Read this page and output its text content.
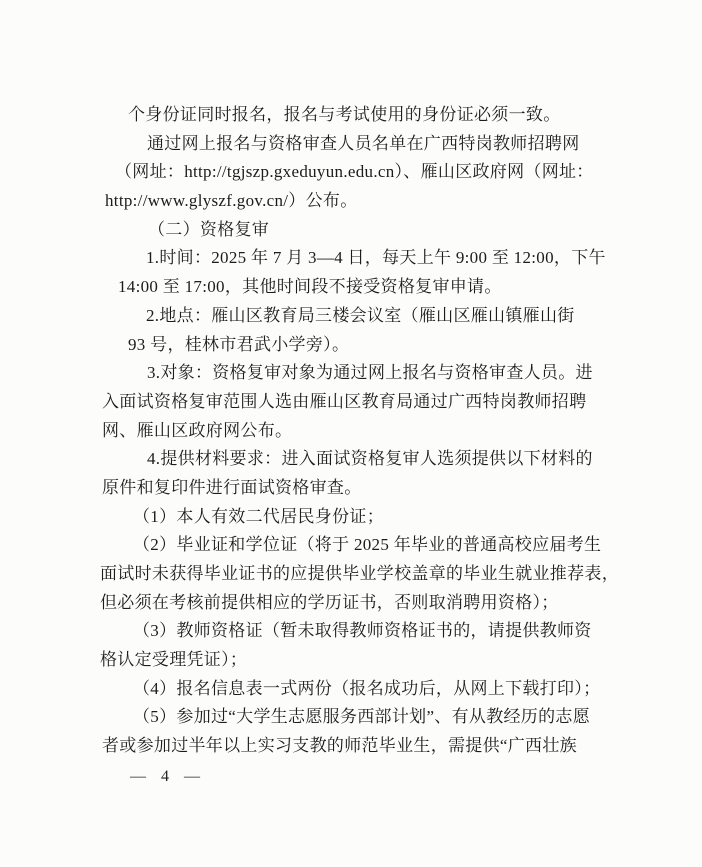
个身份证同时报名，报名与考试使用的身份证必须一致。
通过网上报名与资格审查人员名单在广西特岗教师招聘网
（网址：http://tgjszp.gxeduyun.edu.cn）、雁山区政府网（网址：
http://www.glyszf.gov.cn/）公布。
（二）资格复审
1.时间：2025 年 7 月 3—4 日，每天上午 9:00 至 12:00，下午
14:00 至 17:00，其他时间段不接受资格复审申请。
2.地点：雁山区教育局三楼会议室（雁山区雁山镇雁山街
93 号，桂林市君武小学旁）。
3.对象：资格复审对象为通过网上报名与资格审查人员。进
入面试资格复审范围人选由雁山区教育局通过广西特岗教师招聘
网、雁山区政府网公布。
4.提供材料要求：进入面试资格复审人选须提供以下材料的
原件和复印件进行面试资格审查。
（1）本人有效二代居民身份证；
（2）毕业证和学位证（将于 2025 年毕业的普通高校应届考生
面试时未获得毕业证书的应提供毕业学校盖章的毕业生就业推荐表，
但必须在考核前提供相应的学历证书，否则取消聘用资格）；
（3）教师资格证（暂未取得教师资格证书的，请提供教师资
格认定受理凭证）；
（4）报名信息表一式两份（报名成功后，从网上下载打印）；
（5）参加过“大学生志愿服务西部计划”、有从教经历的志愿
者或参加过半年以上实习支教的师范毕业生，需提供“广西壮族
— 4 —
